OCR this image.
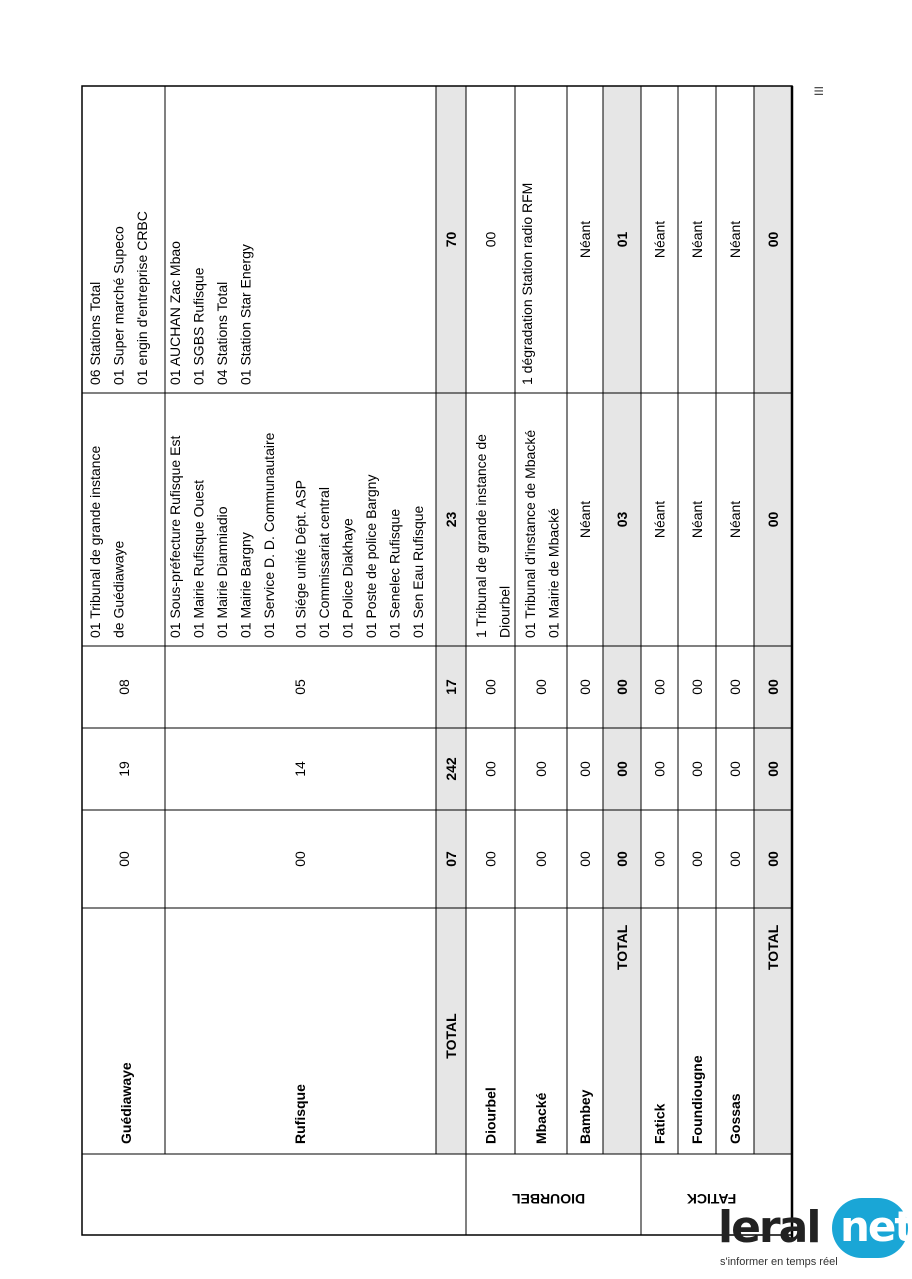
Guédiawaye
00
19
08
01 Tribunal de grande instance de Guédiawaye
06 Stations Total 01 Super marché Supeco 01 engin d'entreprise CRBC
Rufisque
00
14
05
01 Sous-préfecture Rufisque Est 01 Mairie Rufisque Ouest 01 Mairie Diamniadio 01 Mairie Bargny 01 Service D. D. Communautaire 01 Siége unité Dépt. ASP 01 Commissariat central 01 Police Diakhaye 01 Poste de police Bargny 01 Senelec Rufisque 01 Sen Eau Rufisque
01 AUCHAN Zac Mbao 01 SGBS Rufisque 04 Stations Total 01 Station Star Energy
TOTAL
07
242
17
23
70
Diourbel
00
00
00
1 Tribunal de grande instance de Diourbel
00
Mbacké
00
00
00
01 Tribunal d'instance de Mbacké 01 Mairie de Mbacké
1 dégradation Station radio RFM
Bambey
00
00
00
Néant
Néant
TOTAL
00
00
00
03
01
DIOURBEL
Fatick
00
00
00
Néant
Néant
Foundiougne
00
00
00
Néant
Néant
Gossas
00
00
00
Néant
Néant
TOTAL
00
00
00
00
00
FATICK
III
leral net
s'informer en temps réel
